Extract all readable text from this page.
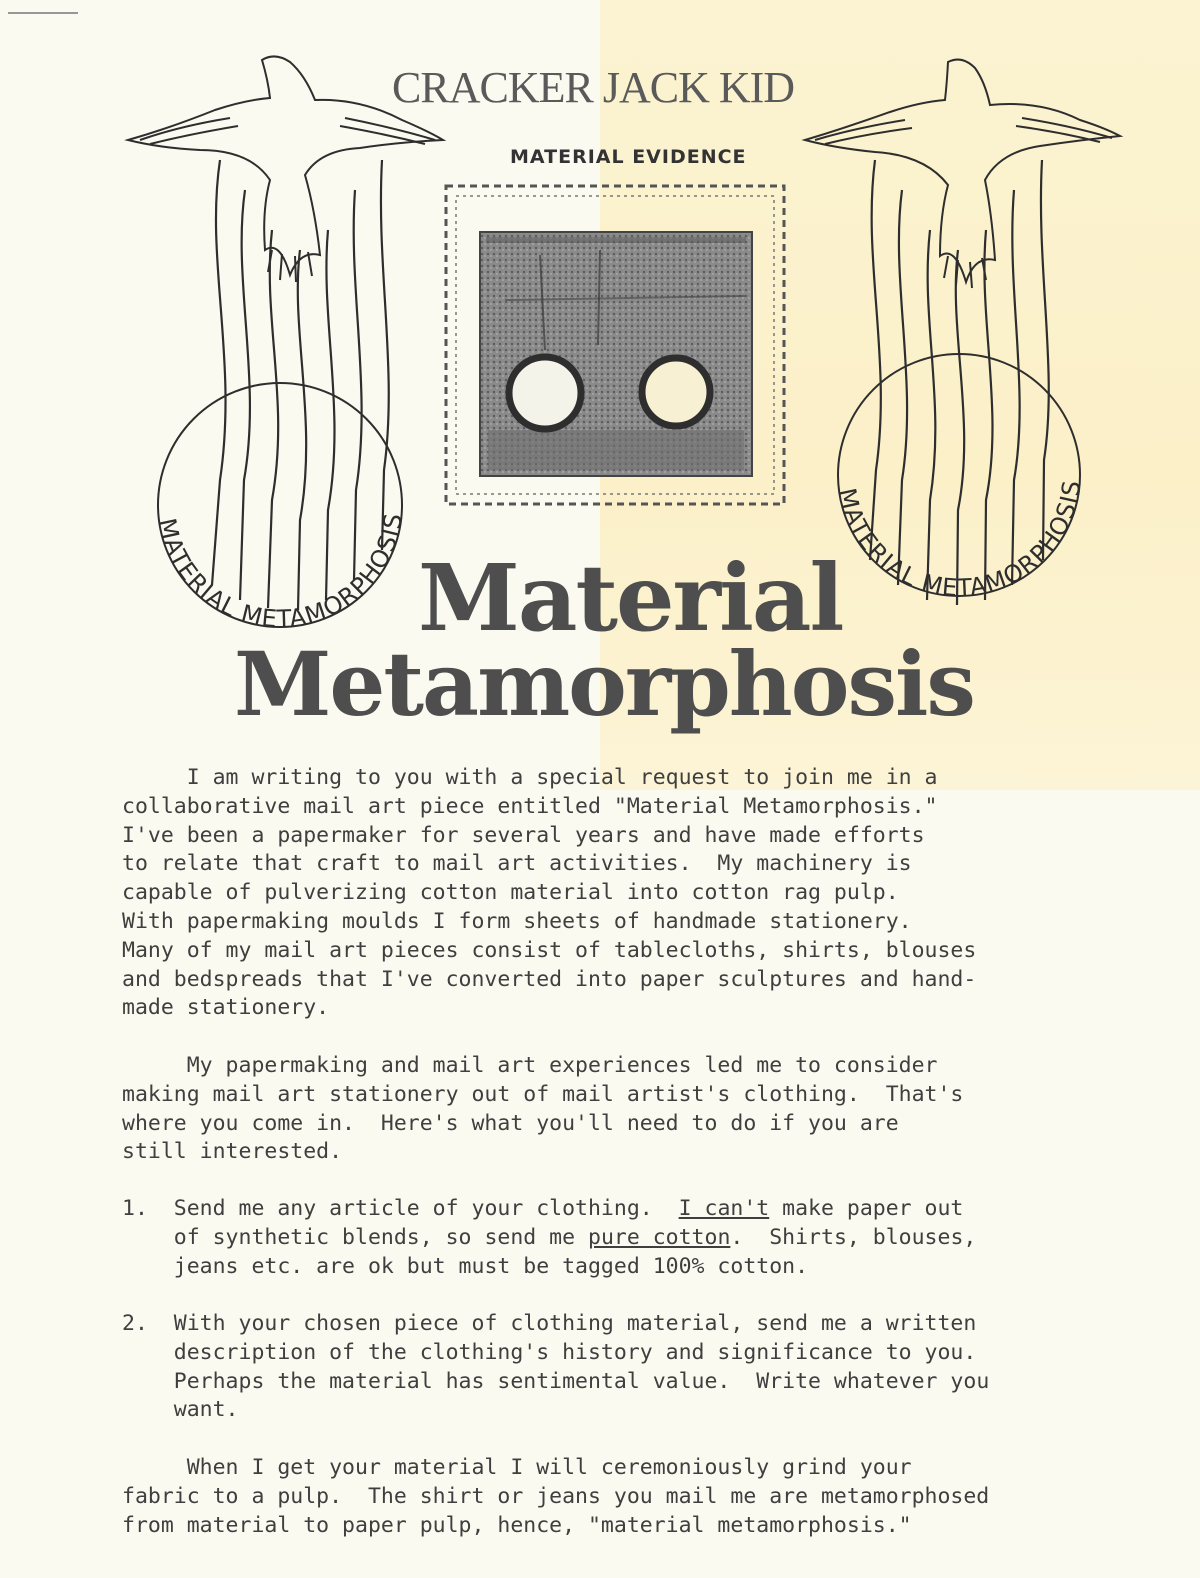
CRACKER JACK KID
MATERIAL EVIDENCE
MATERIAL METAMORPHOSIS
MATERIAL METAMORPHOSIS
Material
Metamorphosis
I am writing to you with a special request to join me in a
collaborative mail art piece entitled "Material Metamorphosis."
I've been a papermaker for several years and have made efforts
to relate that craft to mail art activities.  My machinery is
capable of pulverizing cotton material into cotton rag pulp.
With papermaking moulds I form sheets of handmade stationery.
Many of my mail art pieces consist of tablecloths, shirts, blouses
and bedspreads that I've converted into paper sculptures and hand-
made stationery.
My papermaking and mail art experiences led me to consider
making mail art stationery out of mail artist's clothing.  That's
where you come in.  Here's what you'll need to do if you are
still interested.
1. Send me any article of your clothing.  I can't make paper out
of synthetic blends, so send me pure cotton.  Shirts, blouses,
jeans etc. are ok but must be tagged 100% cotton.
2. With your chosen piece of clothing material, send me a written
description of the clothing's history and significance to you.
Perhaps the material has sentimental value.  Write whatever you
want.
When I get your material I will ceremoniously grind your
fabric to a pulp.  The shirt or jeans you mail me are metamorphosed
from material to paper pulp, hence, "material metamorphosis."
